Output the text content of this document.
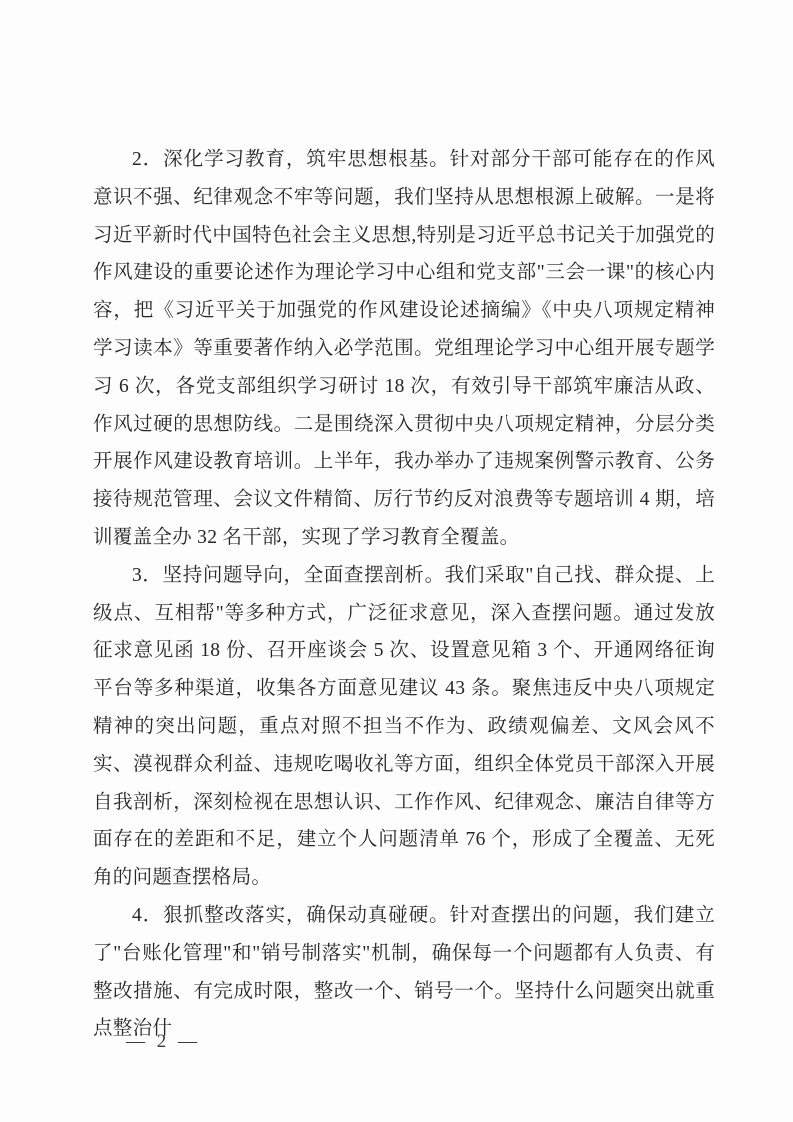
2．深化学习教育，筑牢思想根基。针对部分干部可能存在的作风意识不强、纪律观念不牢等问题，我们坚持从思想根源上破解。一是将习近平新时代中国特色社会主义思想,特别是习近平总书记关于加强党的作风建设的重要论述作为理论学习中心组和党支部"三会一课"的核心内容，把《习近平关于加强党的作风建设论述摘编》《中央八项规定精神学习读本》等重要著作纳入必学范围。党组理论学习中心组开展专题学习 6 次，各党支部组织学习研讨 18 次，有效引导干部筑牢廉洁从政、作风过硬的思想防线。二是围绕深入贯彻中央八项规定精神，分层分类开展作风建设教育培训。上半年，我办举办了违规案例警示教育、公务接待规范管理、会议文件精简、厉行节约反对浪费等专题培训 4 期，培训覆盖全办 32 名干部，实现了学习教育全覆盖。

3．坚持问题导向，全面查摆剖析。我们采取"自己找、群众提、上级点、互相帮"等多种方式，广泛征求意见，深入查摆问题。通过发放征求意见函 18 份、召开座谈会 5 次、设置意见箱 3 个、开通网络征询平台等多种渠道，收集各方面意见建议 43 条。聚焦违反中央八项规定精神的突出问题，重点对照不担当不作为、政绩观偏差、文风会风不实、漠视群众利益、违规吃喝收礼等方面，组织全体党员干部深入开展自我剖析，深刻检视在思想认识、工作作风、纪律观念、廉洁自律等方面存在的差距和不足，建立个人问题清单 76 个，形成了全覆盖、无死角的问题查摆格局。

4．狠抓整改落实，确保动真碰硬。针对查摆出的问题，我们建立了"台账化管理"和"销号制落实"机制，确保每一个问题都有人负责、有整改措施、有完成时限，整改一个、销号一个。坚持什么问题突出就重点整治什

— 2 —
